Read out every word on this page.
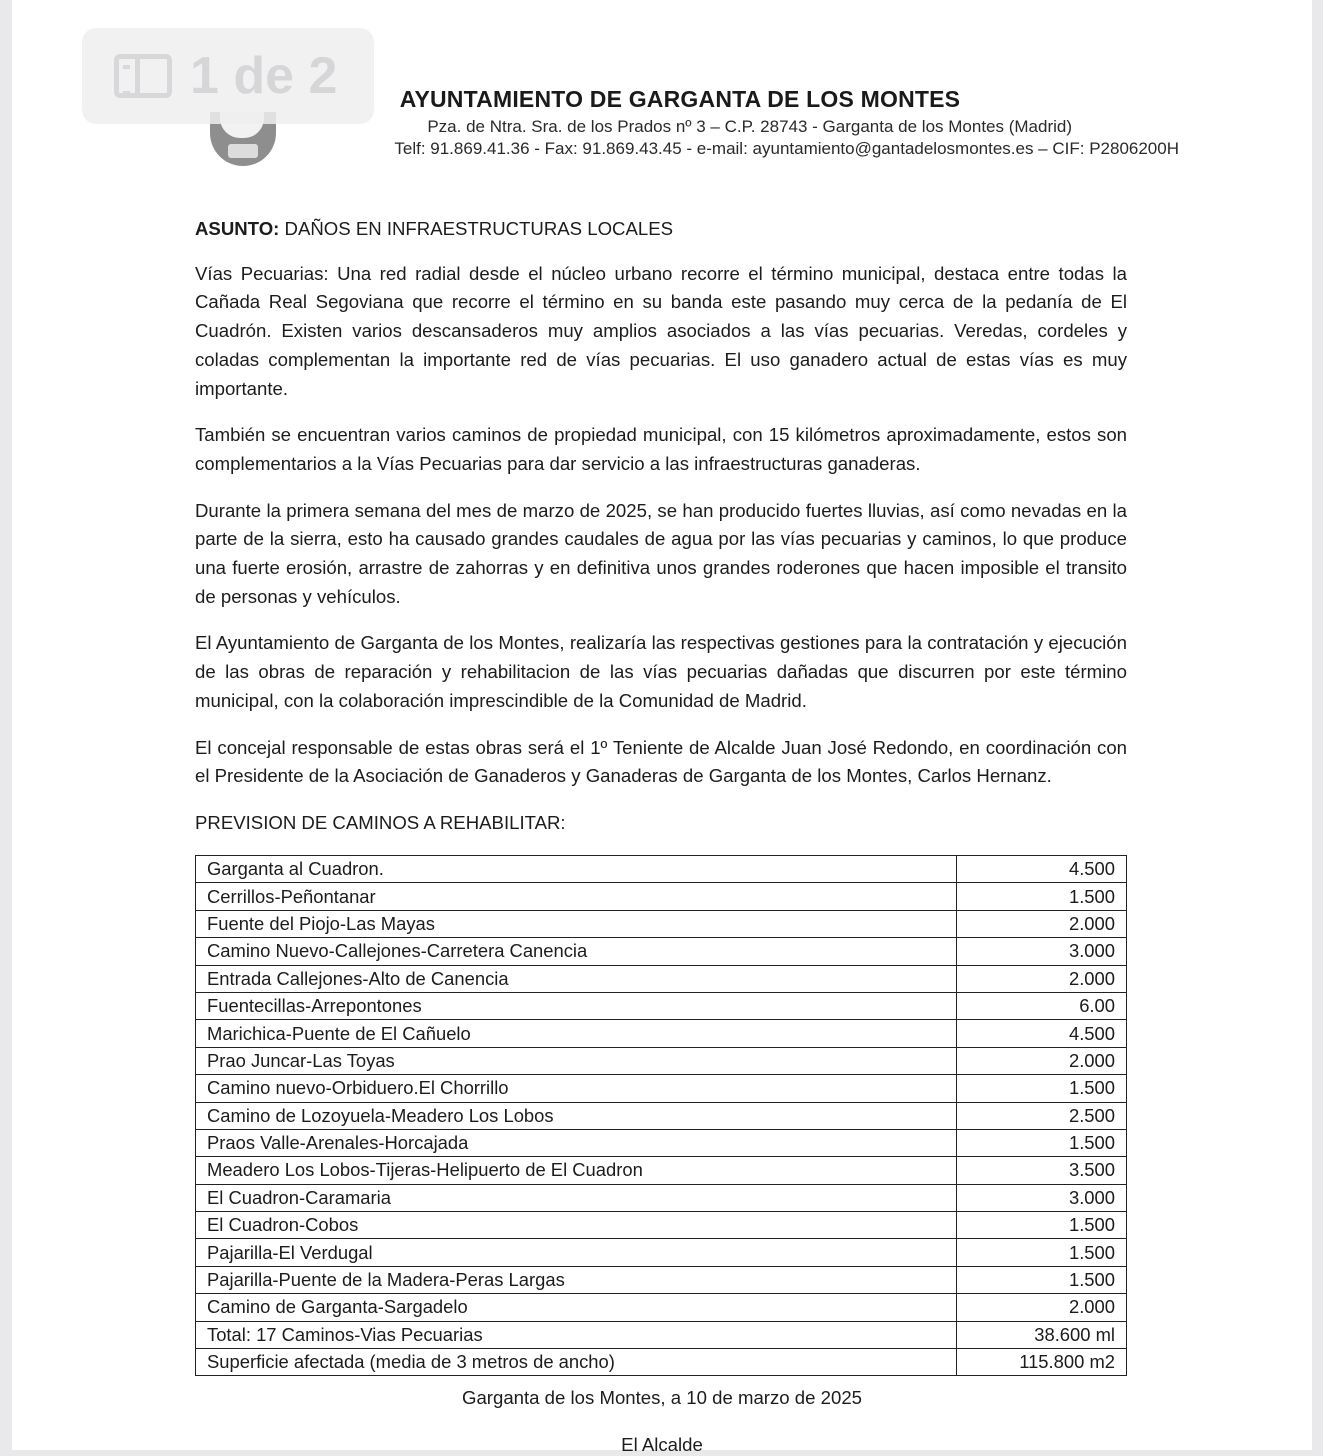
AYUNTAMIENTO DE GARGANTA DE LOS MONTES
Pza. de Ntra. Sra. de los Prados nº 3 – C.P. 28743 - Garganta de los Montes (Madrid)
Telf: 91.869.41.36 - Fax: 91.869.43.45 - e-mail: ayuntamiento@gantadelosmontes.es – CIF: P2806200H
1 de 2

ASUNTO: DAÑOS EN INFRAESTRUCTURAS LOCALES

Vías Pecuarias: Una red radial desde el núcleo urbano recorre el término municipal, destaca entre todas la Cañada Real Segoviana que recorre el término en su banda este pasando muy cerca de la pedanía de El Cuadrón. Existen varios descansaderos muy amplios asociados a las vías pecuarias. Veredas, cordeles y coladas complementan la importante red de vías pecuarias. El uso ganadero actual de estas vías es muy importante.

También se encuentran varios caminos de propiedad municipal, con 15 kilómetros aproximadamente, estos son complementarios a la Vías Pecuarias para dar servicio a las infraestructuras ganaderas.

Durante la primera semana del mes de marzo de 2025, se han producido fuertes lluvias, así como nevadas en la parte de la sierra, esto ha causado grandes caudales de agua por las vías pecuarias y caminos, lo que produce una fuerte erosión, arrastre de zahorras y en definitiva unos grandes roderones que hacen imposible el transito de personas y vehículos.

El Ayuntamiento de Garganta de los Montes, realizaría las respectivas gestiones para la contratación y ejecución de las obras de reparación y rehabilitacion de las vías pecuarias dañadas que discurren por este término municipal, con la colaboración imprescindible de la Comunidad de Madrid.

El concejal responsable de estas obras será el 1º Teniente de Alcalde Juan José Redondo, en coordinación con el Presidente de la Asociación de Ganaderos y Ganaderas de Garganta de los Montes, Carlos Hernanz.

PREVISION DE CAMINOS A REHABILITAR:

Garganta al Cuadron.	4.500
Cerrillos-Peñontanar	1.500
Fuente del Piojo-Las Mayas	2.000
Camino Nuevo-Callejones-Carretera Canencia	3.000
Entrada Callejones-Alto de Canencia	2.000
Fuentecillas-Arrepontones	6.00
Marichica-Puente de El Cañuelo	4.500
Prao Juncar-Las Toyas	2.000
Camino nuevo-Orbiduero.El Chorrillo	1.500
Camino de Lozoyuela-Meadero Los Lobos	2.500
Praos Valle-Arenales-Horcajada	1.500
Meadero Los Lobos-Tijeras-Helipuerto de El Cuadron	3.500
El Cuadron-Caramaria	3.000
El Cuadron-Cobos	1.500
Pajarilla-El Verdugal	1.500
Pajarilla-Puente de la Madera-Peras Largas	1.500
Camino de Garganta-Sargadelo	2.000
Total: 17 Caminos-Vias Pecuarias	38.600 ml
Superficie afectada (media de 3 metros de ancho)	115.800 m2
Garganta de los Montes, a 10 de marzo de 2025
El Alcalde
